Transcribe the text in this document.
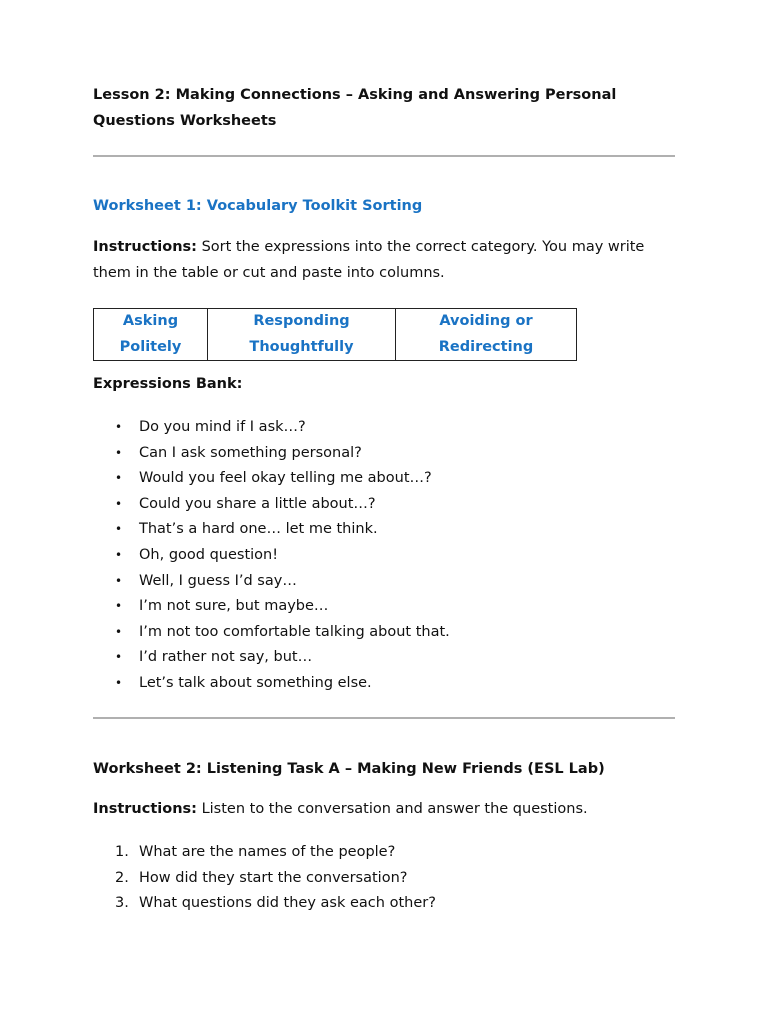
Lesson 2: Making Connections – Asking and Answering Personal Questions Worksheets
Worksheet 1: Vocabulary Toolkit Sorting

Instructions: Sort the expressions into the correct category. You may write them in the table or cut and paste into columns.

Asking Politely	Responding Thoughtfully	Avoiding or Redirecting

Expressions Bank:

• Do you mind if I ask…?
• Can I ask something personal?
• Would you feel okay telling me about…?
• Could you share a little about…?
• That’s a hard one… let me think.
• Oh, good question!
• Well, I guess I’d say…
• I’m not sure, but maybe…
• I’m not too comfortable talking about that.
• I’d rather not say, but…
• Let’s talk about something else.
Worksheet 2: Listening Task A – Making New Friends (ESL Lab)

Instructions: Listen to the conversation and answer the questions.

1. What are the names of the people?
2. How did they start the conversation?
3. What questions did they ask each other?
